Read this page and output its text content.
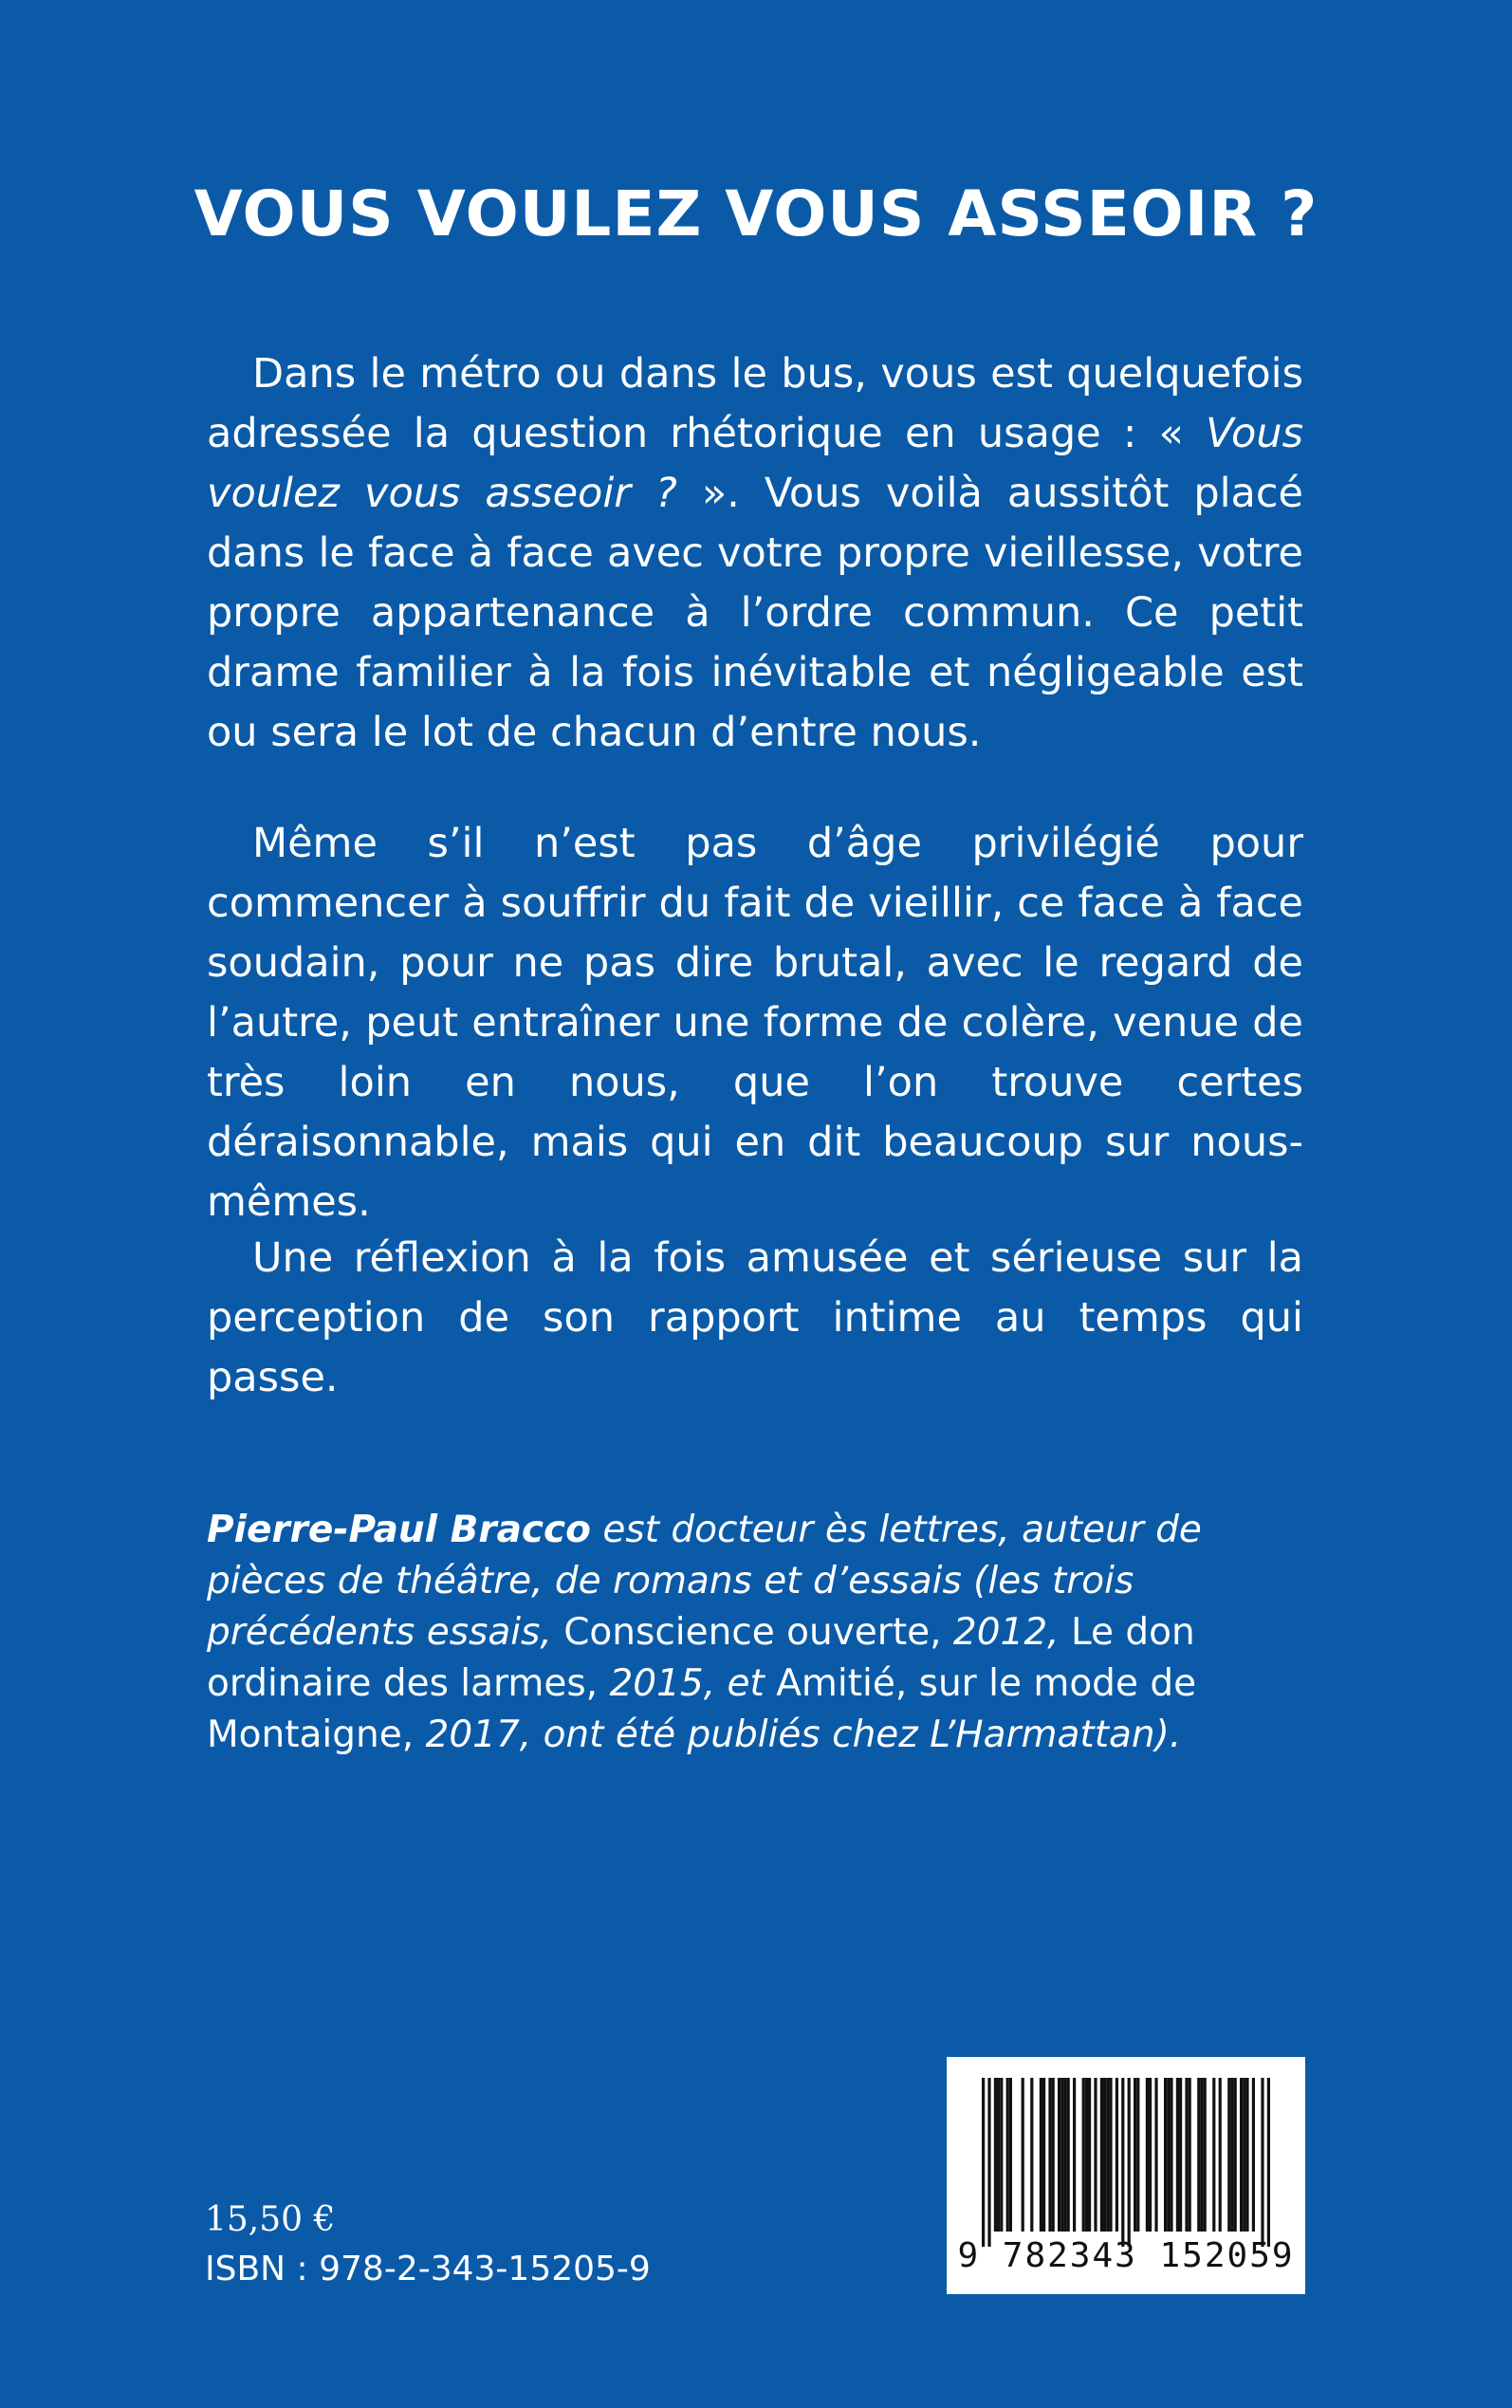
VOUS VOULEZ VOUS ASSEOIR ?

Dans le métro ou dans le bus, vous est quelquefois adressée la question rhétorique en usage : « Vous voulez vous asseoir ? ». Vous voilà aussitôt placé dans le face à face avec votre propre vieillesse, votre propre appartenance à l’ordre commun. Ce petit drame familier à la fois inévitable et négligeable est ou sera le lot de chacun d’entre nous.

Même s’il n’est pas d’âge privilégié pour commencer à souffrir du fait de vieillir, ce face à face soudain, pour ne pas dire brutal, avec le regard de l’autre, peut entraîner une forme de colère, venue de très loin en nous, que l’on trouve certes déraisonnable, mais qui en dit beaucoup sur nous-mêmes.

Une réflexion à la fois amusée et sérieuse sur la perception de son rapport intime au temps qui passe.

Pierre-Paul Bracco est docteur ès lettres, auteur de pièces de théâtre, de romans et d’essais (les trois précédents essais, Conscience ouverte, 2012, Le don ordinaire des larmes, 2015, et Amitié, sur le mode de Montaigne, 2017, ont été publiés chez L’Harmattan).

15,50 €

ISBN : 978-2-343-15205-9	9 782343 152059
